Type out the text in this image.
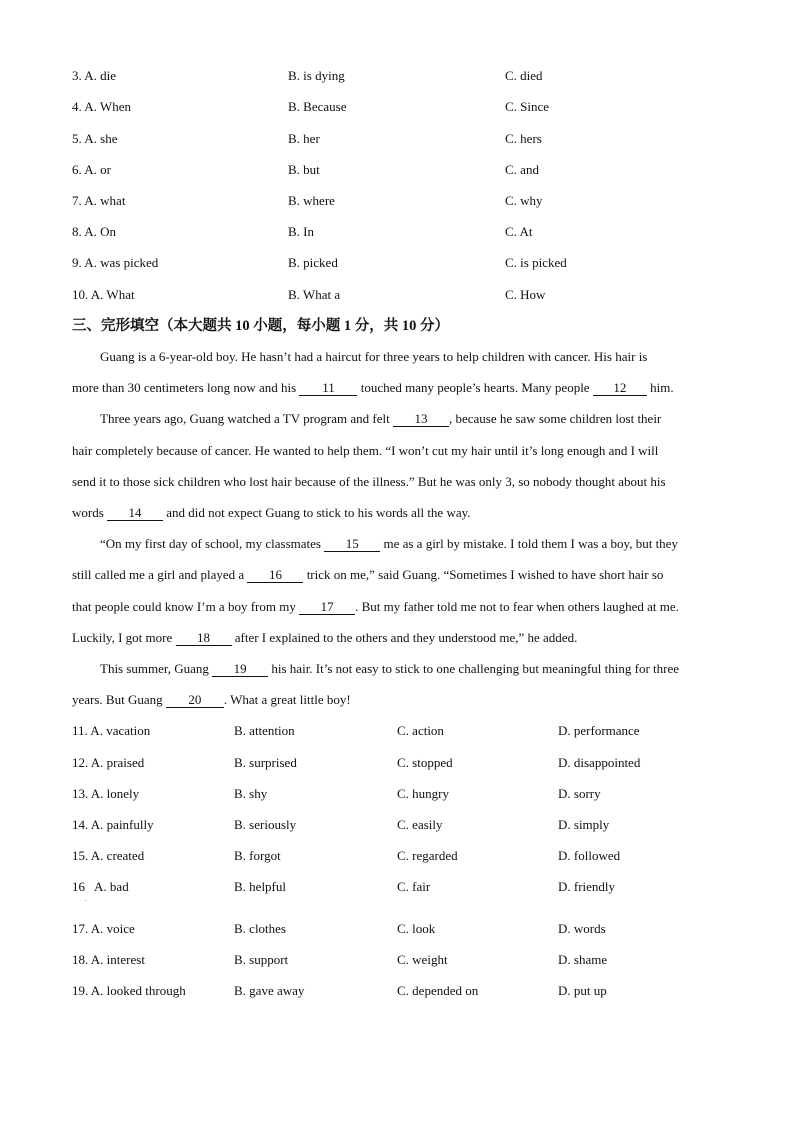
3. A. die	B. is dying	C. died
4. A. When	B. Because	C. Since
5. A. she	B. her	C. hers
6. A. or	B. but	C. and
7. A. what	B. where	C. why
8. A. On	B. In	C. At
9. A. was picked	B. picked	C. is picked
10. A. What	B. What a	C. How
三、完形填空（本大题共 10 小题，每小题 1 分，共 10 分）
Guang is a 6-year-old boy. He hasn’t had a haircut for three years to help children with cancer. His hair is
more than 30 centimeters long now and his 11 touched many people’s hearts. Many people 12 him.
Three years ago, Guang watched a TV program and felt 13 , because he saw some children lost their
hair completely because of cancer. He wanted to help them. “I won’t cut my hair until it’s long enough and I will
send it to those sick children who lost hair because of the illness.” But he was only 3, so nobody thought about his
words 14 and did not expect Guang to stick to his words all the way.
“On my first day of school, my classmates 15 me as a girl by mistake. I told them I was a boy, but they
still called me a girl and played a 16 trick on me,” said Guang. “Sometimes I wished to have short hair so
that people could know I’m a boy from my 17 . But my father told me not to fear when others laughed at me.
Luckily, I got more 18 after I explained to the others and they understood me,” he added.
This summer, Guang 19 his hair. It’s not easy to stick to one challenging but meaningful thing for three
years. But Guang 20 . What a great little boy!
11. A. vacation	B. attention	C. action	D. performance
12. A. praised	B. surprised	C. stopped	D. disappointed
13. A. lonely	B. shy	C. hungry	D. sorry
14. A. painfully	B. seriously	C. easily	D. simply
15. A. created	B. forgot	C. regarded	D. followed
16   A. bad	B. helpful	C. fair	D. friendly
.
17. A. voice	B. clothes	C. look	D. words
18. A. interest	B. support	C. weight	D. shame
19. A. looked through	B. gave away	C. depended on	D. put up
